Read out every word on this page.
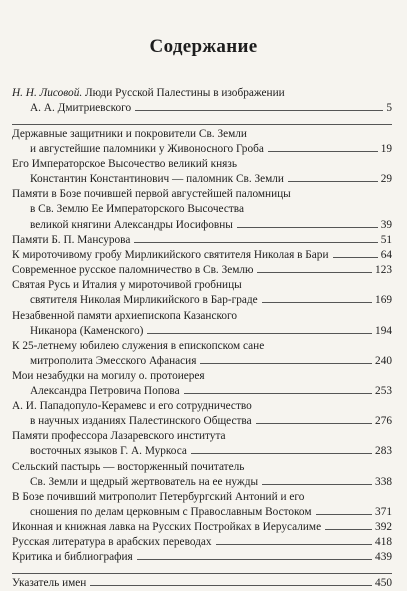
Содержание
Н. Н. Лисовой. Люди Русской Палестины в изображении
А. А. Дмитриевского	5
Державные защитники и покровители Св. Земли
и августейшие паломники у Живоносного Гроба	19
Его Императорское Высочество великий князь
Константин Константинович — паломник Св. Земли	29
Памяти в Бозе почившей первой августейшей паломницы
в Св. Землю Ее Императорского Высочества
великой княгини Александры Иосифовны	39
Памяти Б. П. Мансурова	51
К мироточивому гробу Мирликийского святителя Николая в Бари	64
Современное русское паломничество в Св. Землю	123
Святая Русь и Италия у мироточивой гробницы
святителя Николая Мирликийского в Бар-граде	169
Незабвенной памяти архиепископа Казанского
Никанора (Каменского)	194
К 25-летнему юбилею служения в епископском сане
митрополита Эмесского Афанасия	240
Мои незабудки на могилу о. протоиерея
Александра Петровича Попова	253
А. И. Пападопуло-Керамевс и его сотрудничество
в научных изданиях Палестинского Общества	276
Памяти профессора Лазаревского института
восточных языков Г. А. Муркоса	283
Сельский пастырь — восторженный почитатель
Св. Земли и щедрый жертвователь на ее нужды	338
В Бозе почивший митрополит Петербургский Антоний и его
сношения по делам церковным с Православным Востоком	371
Иконная и книжная лавка на Русских Постройках в Иерусалиме	392
Русская литература в арабских переводах	418
Критика и библиография	439
Указатель имен	450
